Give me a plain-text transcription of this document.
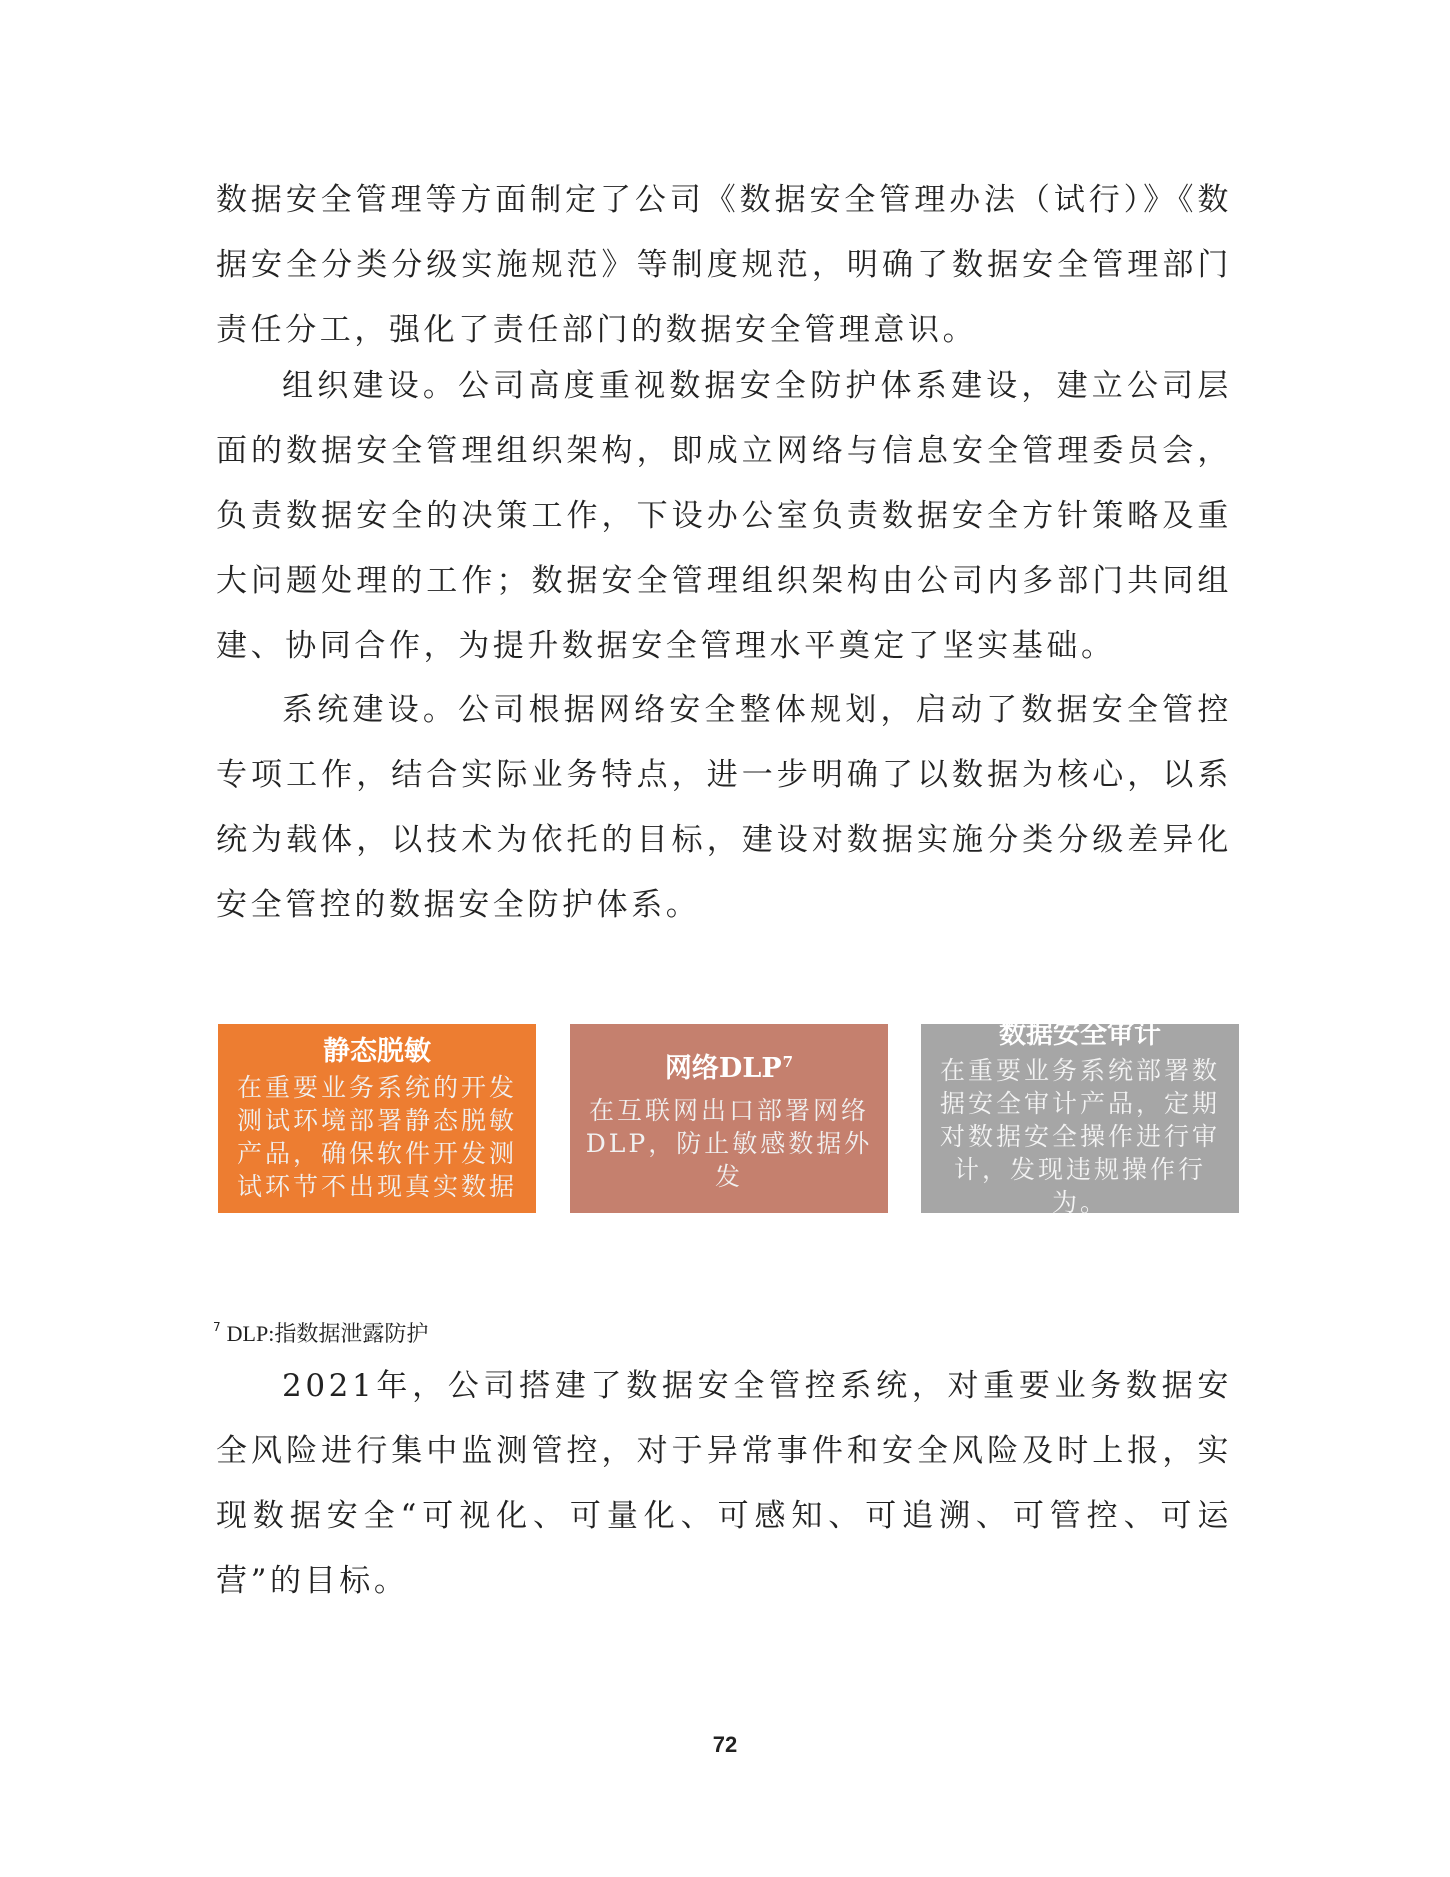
数据安全管理等方面制定了公司《数据安全管理办法（试行）》《数据安全分类分级实施规范》等制度规范，明确了数据安全管理部门责任分工，强化了责任部门的数据安全管理意识。

组织建设。公司高度重视数据安全防护体系建设，建立公司层面的数据安全管理组织架构，即成立网络与信息安全管理委员会，负责数据安全的决策工作，下设办公室负责数据安全方针策略及重大问题处理的工作；数据安全管理组织架构由公司内多部门共同组建、协同合作，为提升数据安全管理水平奠定了坚实基础。

系统建设。公司根据网络安全整体规划，启动了数据安全管控专项工作，结合实际业务特点，进一步明确了以数据为核心，以系统为载体，以技术为依托的目标，建设对数据实施分类分级差异化安全管控的数据安全防护体系。

静态脱敏
在重要业务系统的开发测试环境部署静态脱敏产品，确保软件开发测试环节不出现真实数据
网络DLP$^7$
在互联网出口部署网络DLP，防止敏感数据外发
数据安全审计
在重要业务系统部署数据安全审计产品，定期对数据安全操作进行审计，发现违规操作行为。
$^7$ DLP:指数据泄露防护

2021年，公司搭建了数据安全管控系统，对重要业务数据安全风险进行集中监测管控，对于异常事件和安全风险及时上报，实现数据安全“可视化、可量化、可感知、可追溯、可管控、可运营”的目标。

72
